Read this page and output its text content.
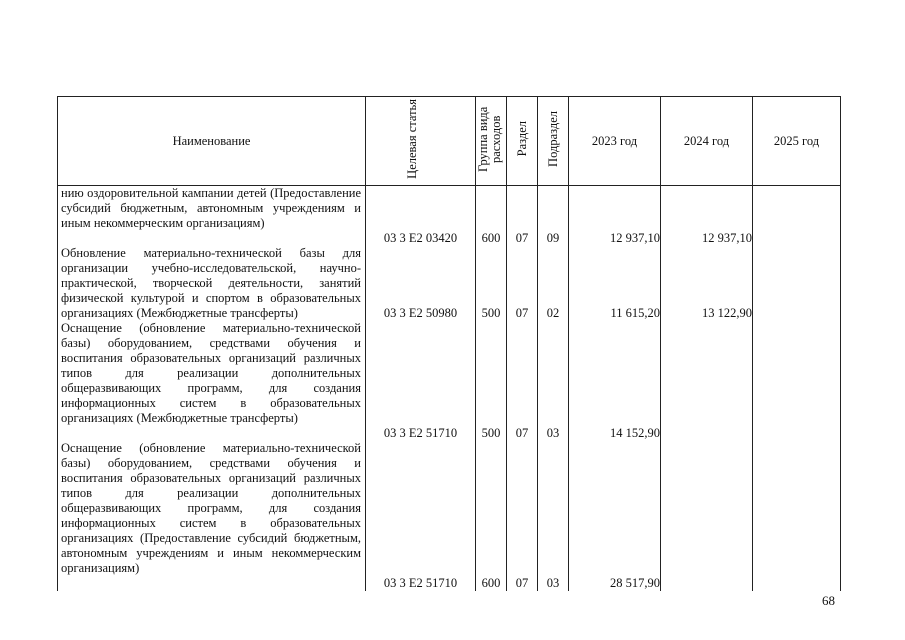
Наименование	Целевая статья	Группа вида расходов	Раздел	Подраздел	2023 год	2024 год	2025 год
нию оздоровительной кампании детей (Предоставление субсидий бюджетным, автономным учреждениям и иным некоммерческим организациям)	03 3 Е2 03420	600	07	09	12 937,10	12 937,10	
Обновление материально-технической базы для организации учебно-исследовательской, научно-практической, творческой деятельности, занятий физической культурой и спортом в образовательных организациях (Межбюджетные трансферты)	03 3 Е2 50980	500	07	02	11 615,20	13 122,90	
Оснащение (обновление материально-технической базы) оборудованием, средствами обучения и воспитания образовательных организаций различных типов для реализации дополнительных общеразвивающих программ, для создания информационных систем в образовательных организациях (Межбюджетные трансферты)	03 3 Е2 51710	500	07	03	14 152,90		
Оснащение (обновление материально-технической базы) оборудованием, средствами обучения и воспитания образовательных организаций различных типов для реализации дополнительных общеразвивающих программ, для создания информационных систем в образовательных организациях (Предоставление субсидий бюджетным, автономным учреждениям и иным некоммерческим организациям)	03 3 Е2 51710	600	07	03	28 517,90		
68
